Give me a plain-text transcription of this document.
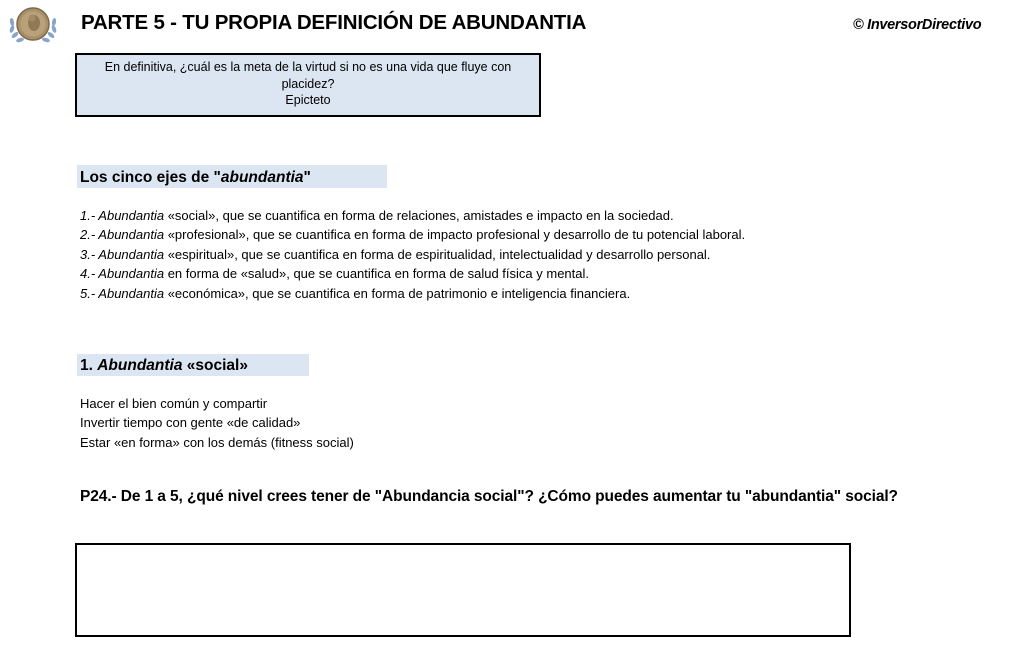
PARTE 5 - TU PROPIA DEFINICIÓN DE ABUNDANTIA	© InversorDirectivo
En definitiva, ¿cuál es la meta de la virtud si no es una vida que fluye con placidez?
Epicteto
Los cinco ejes de "abundantia"
1.- Abundantia «social», que se cuantifica en forma de relaciones, amistades e impacto en la sociedad.
2.- Abundantia «profesional», que se cuantifica en forma de impacto profesional y desarrollo de tu potencial laboral.
3.- Abundantia «espiritual», que se cuantifica en forma de espiritualidad, intelectualidad y desarrollo personal.
4.- Abundantia en forma de «salud», que se cuantifica en forma de salud física y mental.
5.- Abundantia «económica», que se cuantifica en forma de patrimonio e inteligencia financiera.
1. Abundantia «social»
Hacer el bien común y compartir
Invertir tiempo con gente «de calidad»
Estar «en forma» con los demás (fitness social)
P24.- De 1 a 5, ¿qué nivel crees tener de "Abundancia social"? ¿Cómo puedes aumentar tu "abundantia" social?
